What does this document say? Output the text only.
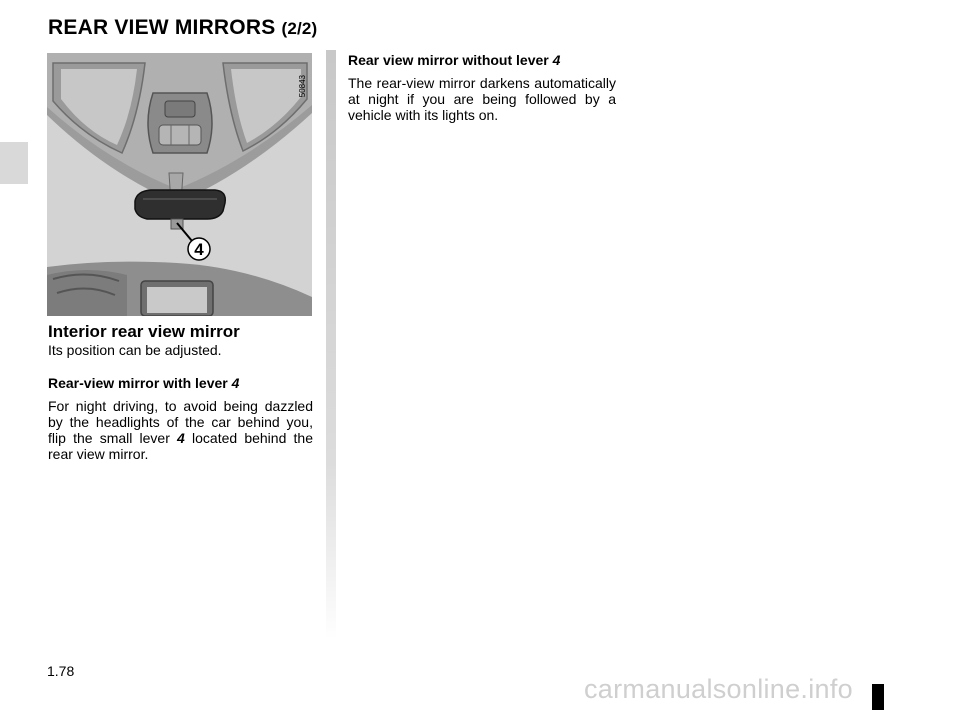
REAR VIEW MIRRORS (2/2)
4
50843
Interior rear view mirror

Its position can be adjusted.

Rear-view mirror with lever 4

For night driving, to avoid being dazzled by the headlights of the car behind you, flip the small lever 4 located behind the rear view mirror.

Rear view mirror without lever 4

The rear-view mirror darkens automatically at night if you are being followed by a vehicle with its lights on.

1.78
carmanualsonline.info
